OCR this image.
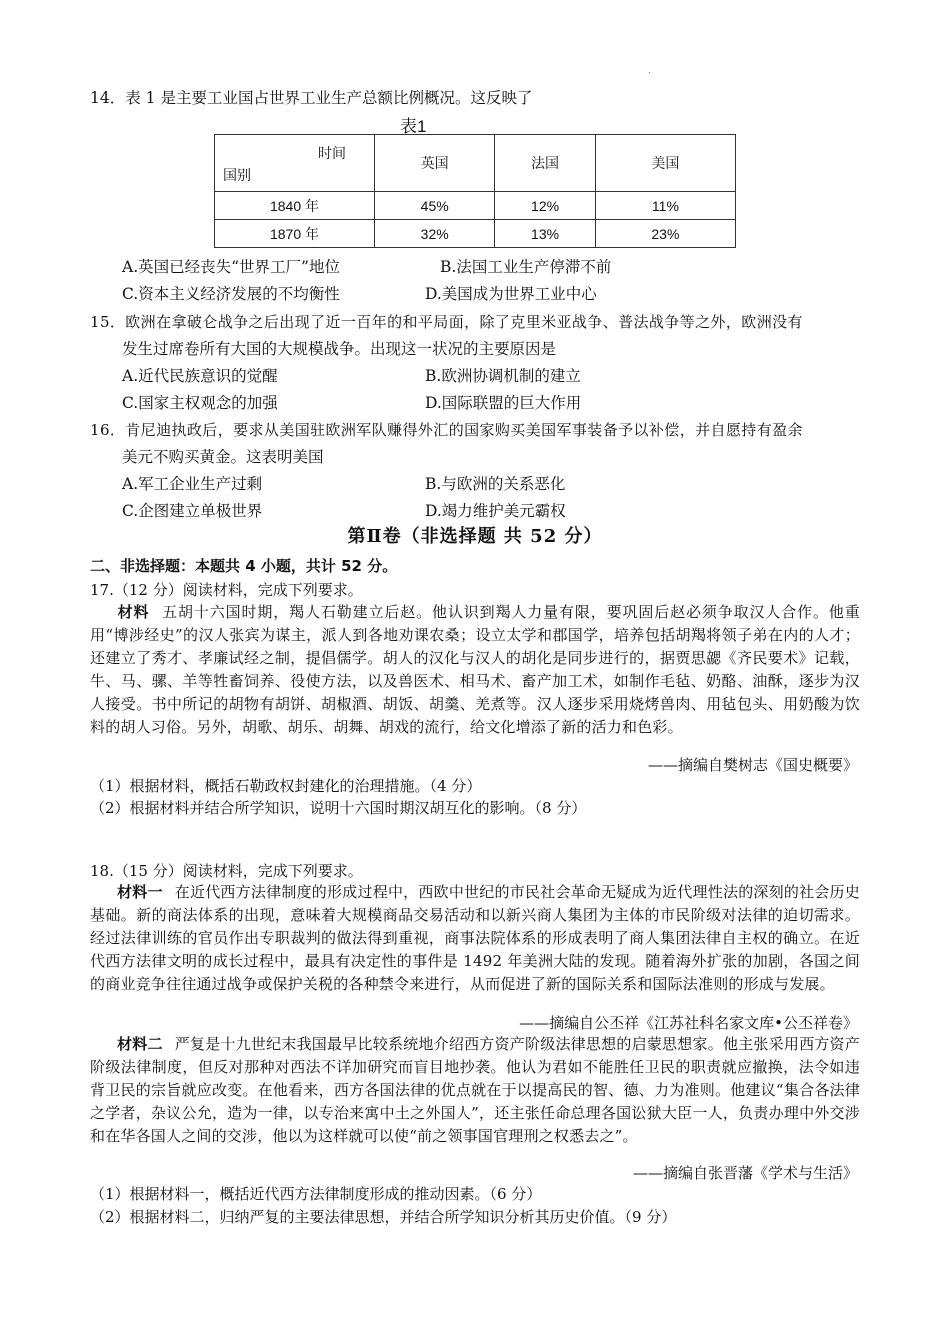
.
14．表 1 是主要工业国占世界工业生产总额比例概况。这反映了
表1
时间
国别	英国	法国	美国
1840 年	45%	12%	11%
1870 年	32%	13%	23%
A.英国已经丧失“世界工厂”地位	B.法国工业生产停滞不前
C.资本主义经济发展的不均衡性	D.美国成为世界工业中心
15．欧洲在拿破仑战争之后出现了近一百年的和平局面，除了克里米亚战争、普法战争等之外，欧洲没有
发生过席卷所有大国的大规模战争。出现这一状况的主要原因是
A.近代民族意识的觉醒	B.欧洲协调机制的建立
C.国家主权观念的加强	D.国际联盟的巨大作用
16．肯尼迪执政后，要求从美国驻欧洲军队赚得外汇的国家购买美国军事装备予以补偿，并自愿持有盈余
美元不购买黄金。这表明美国
A.军工企业生产过剩	B.与欧洲的关系恶化
C.企图建立单极世界	D.竭力维护美元霸权
第Ⅱ卷（非选择题 共 52 分）
二、非选择题：本题共 4 小题，共计 52 分。
17.（12 分）阅读材料，完成下列要求。
材料 五胡十六国时期，羯人石勒建立后赵。他认识到羯人力量有限，要巩固后赵必须争取汉人合作。他重用“博涉经史”的汉人张宾为谋主，派人到各地劝课农桑；设立太学和郡国学，培养包括胡羯将领子弟在内的人才；还建立了秀才、孝廉试经之制，提倡儒学。胡人的汉化与汉人的胡化是同步进行的，据贾思勰《齐民要术》记载，牛、马、骡、羊等牲畜饲养、役使方法，以及兽医术、相马术、畜产加工术，如制作毛毡、奶酪、油酥，逐步为汉人接受。书中所记的胡物有胡饼、胡椒酒、胡饭、胡羹、羌煮等。汉人逐步采用烧烤兽肉、用毡包头、用奶酸为饮料的胡人习俗。另外，胡歌、胡乐、胡舞、胡戏的流行，给文化增添了新的活力和色彩。
——摘编自樊树志《国史概要》
（1）根据材料，概括石勒政权封建化的治理措施。（4 分）
（2）根据材料并结合所学知识，说明十六国时期汉胡互化的影响。（8 分）
18.（15 分）阅读材料，完成下列要求。
材料一 在近代西方法律制度的形成过程中，西欧中世纪的市民社会革命无疑成为近代理性法的深刻的社会历史基础。新的商法体系的出现，意味着大规模商品交易活动和以新兴商人集团为主体的市民阶级对法律的迫切需求。经过法律训练的官员作出专职裁判的做法得到重视，商事法院体系的形成表明了商人集团法律自主权的确立。在近代西方法律文明的成长过程中，最具有决定性的事件是 1492 年美洲大陆的发现。随着海外扩张的加剧，各国之间的商业竞争往往通过战争或保护关税的各种禁令来进行，从而促进了新的国际关系和国际法准则的形成与发展。
——摘编自公丕祥《江苏社科名家文库•公丕祥卷》
材料二 严复是十九世纪末我国最早比较系统地介绍西方资产阶级法律思想的启蒙思想家。他主张采用西方资产阶级法律制度，但反对那种对西法不详加研究而盲目地抄袭。他认为君如不能胜任卫民的职责就应撤换，法令如违背卫民的宗旨就应改变。在他看来，西方各国法律的优点就在于以提高民的智、德、力为准则。他建议“集合各法律之学者，杂议公允，造为一律，以专治来寓中土之外国人”，还主张任命总理各国讼狱大臣一人，负责办理中外交涉和在华各国人之间的交涉，他以为这样就可以使“前之领事国官理刑之权悉去之”。
——摘编自张晋藩《学术与生活》
（1）根据材料一，概括近代西方法律制度形成的推动因素。（6 分）
（2）根据材料二，归纳严复的主要法律思想，并结合所学知识分析其历史价值。（9 分）
